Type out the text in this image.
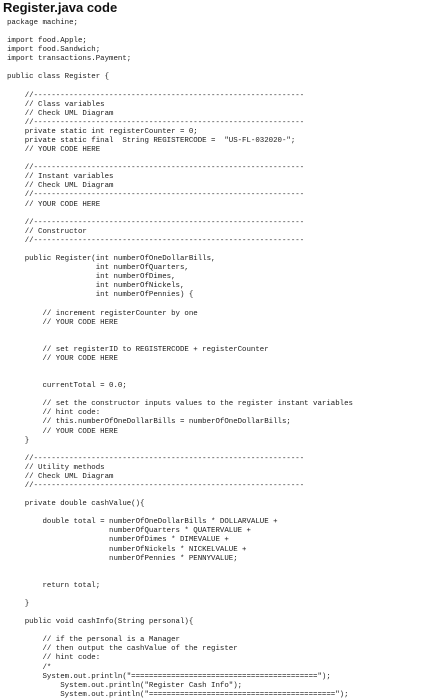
Register.java code
package machine;
import food.Apple;
import food.Sandwich;
import transactions.Payment;
public class Register {
//-------------------------------------------------------------
// Class variables
// Check UML Diagram
//-------------------------------------------------------------
private static int registerCounter = 0;
private static final  String REGISTERCODE =  "US-FL-032020-";
// YOUR CODE HERE
//-------------------------------------------------------------
// Instant variables
// Check UML Diagram
//-------------------------------------------------------------
// YOUR CODE HERE
//-------------------------------------------------------------
// Constructor
//-------------------------------------------------------------
public Register(int numberOfOneDollarBills,
int numberOfQuarters,
int numberOfDimes,
int numberOfNickels,
int numberOfPennies) {
// increment registerCounter by one
// YOUR CODE HERE
// set registerID to REGISTERCODE + registerCounter
// YOUR CODE HERE
currentTotal = 0.0;
// set the constructor inputs values to the register instant variables
// hint code:
// this.numberOfOneDollarBills = numberOfOneDollarBills;
// YOUR CODE HERE
}
//-------------------------------------------------------------
// Utility methods
// Check UML Diagram
//-------------------------------------------------------------
private double cashValue(){
double total = numberOfOneDollarBills * DOLLARVALUE +
numberOfQuarters * QUATERVALUE +
numberOfDimes * DIMEVALUE +
numberOfNickels * NICKELVALUE +
numberOfPennies * PENNYVALUE;
return total;
}
public void cashInfo(String personal){
// if the personal is a Manager
// then output the cashValue of the register
// hint code:
/*
System.out.println("==========================================");
System.out.println("Register Cash Info");
System.out.println("==========================================");
